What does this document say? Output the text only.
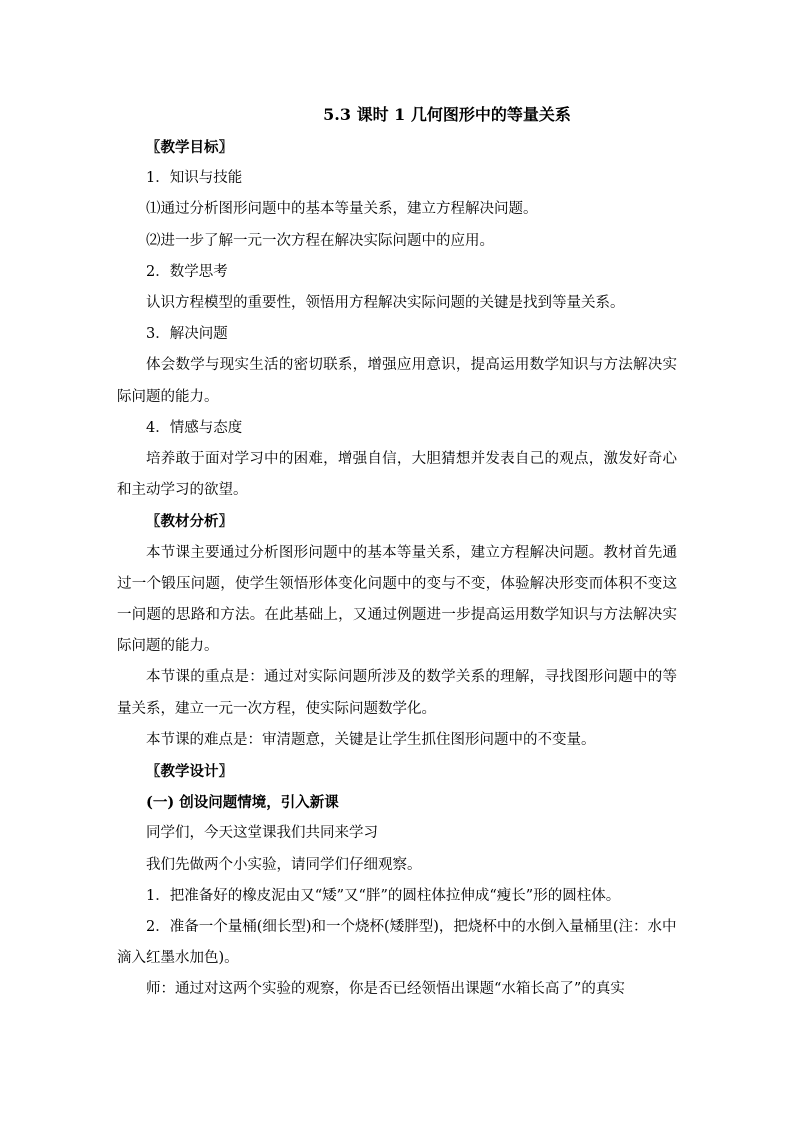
5.3 课时 1 几何图形中的等量关系

〖教学目标〗

1．知识与技能

⑴通过分析图形问题中的基本等量关系，建立方程解决问题。

⑵进一步了解一元一次方程在解决实际问题中的应用。

2．数学思考

认识方程模型的重要性，领悟用方程解决实际问题的关键是找到等量关系。

3．解决问题

体会数学与现实生活的密切联系，增强应用意识，提高运用数学知识与方法解决实际问题的能力。

4．情感与态度

培养敢于面对学习中的困难，增强自信，大胆猜想并发表自己的观点，激发好奇心和主动学习的欲望。

〖教材分析〗

本节课主要通过分析图形问题中的基本等量关系，建立方程解决问题。教材首先通过一个锻压问题，使学生领悟形体变化问题中的变与不变，体验解决形变而体积不变这一问题的思路和方法。在此基础上，又通过例题进一步提高运用数学知识与方法解决实际问题的能力。

本节课的重点是：通过对实际问题所涉及的数学关系的理解，寻找图形问题中的等量关系，建立一元一次方程，使实际问题数学化。

本节课的难点是：审清题意，关键是让学生抓住图形问题中的不变量。

〖教学设计〗

(一) 创设问题情境，引入新课

同学们，今天这堂课我们共同来学习

我们先做两个小实验，请同学们仔细观察。

1．把准备好的橡皮泥由又“矮”又“胖”的圆柱体拉伸成“瘦长”形的圆柱体。

2．准备一个量桶(细长型)和一个烧杯(矮胖型)，把烧杯中的水倒入量桶里(注：水中滴入红墨水加色)。

师：通过对这两个实验的观察，你是否已经领悟出课题“水箱长高了”的真实
